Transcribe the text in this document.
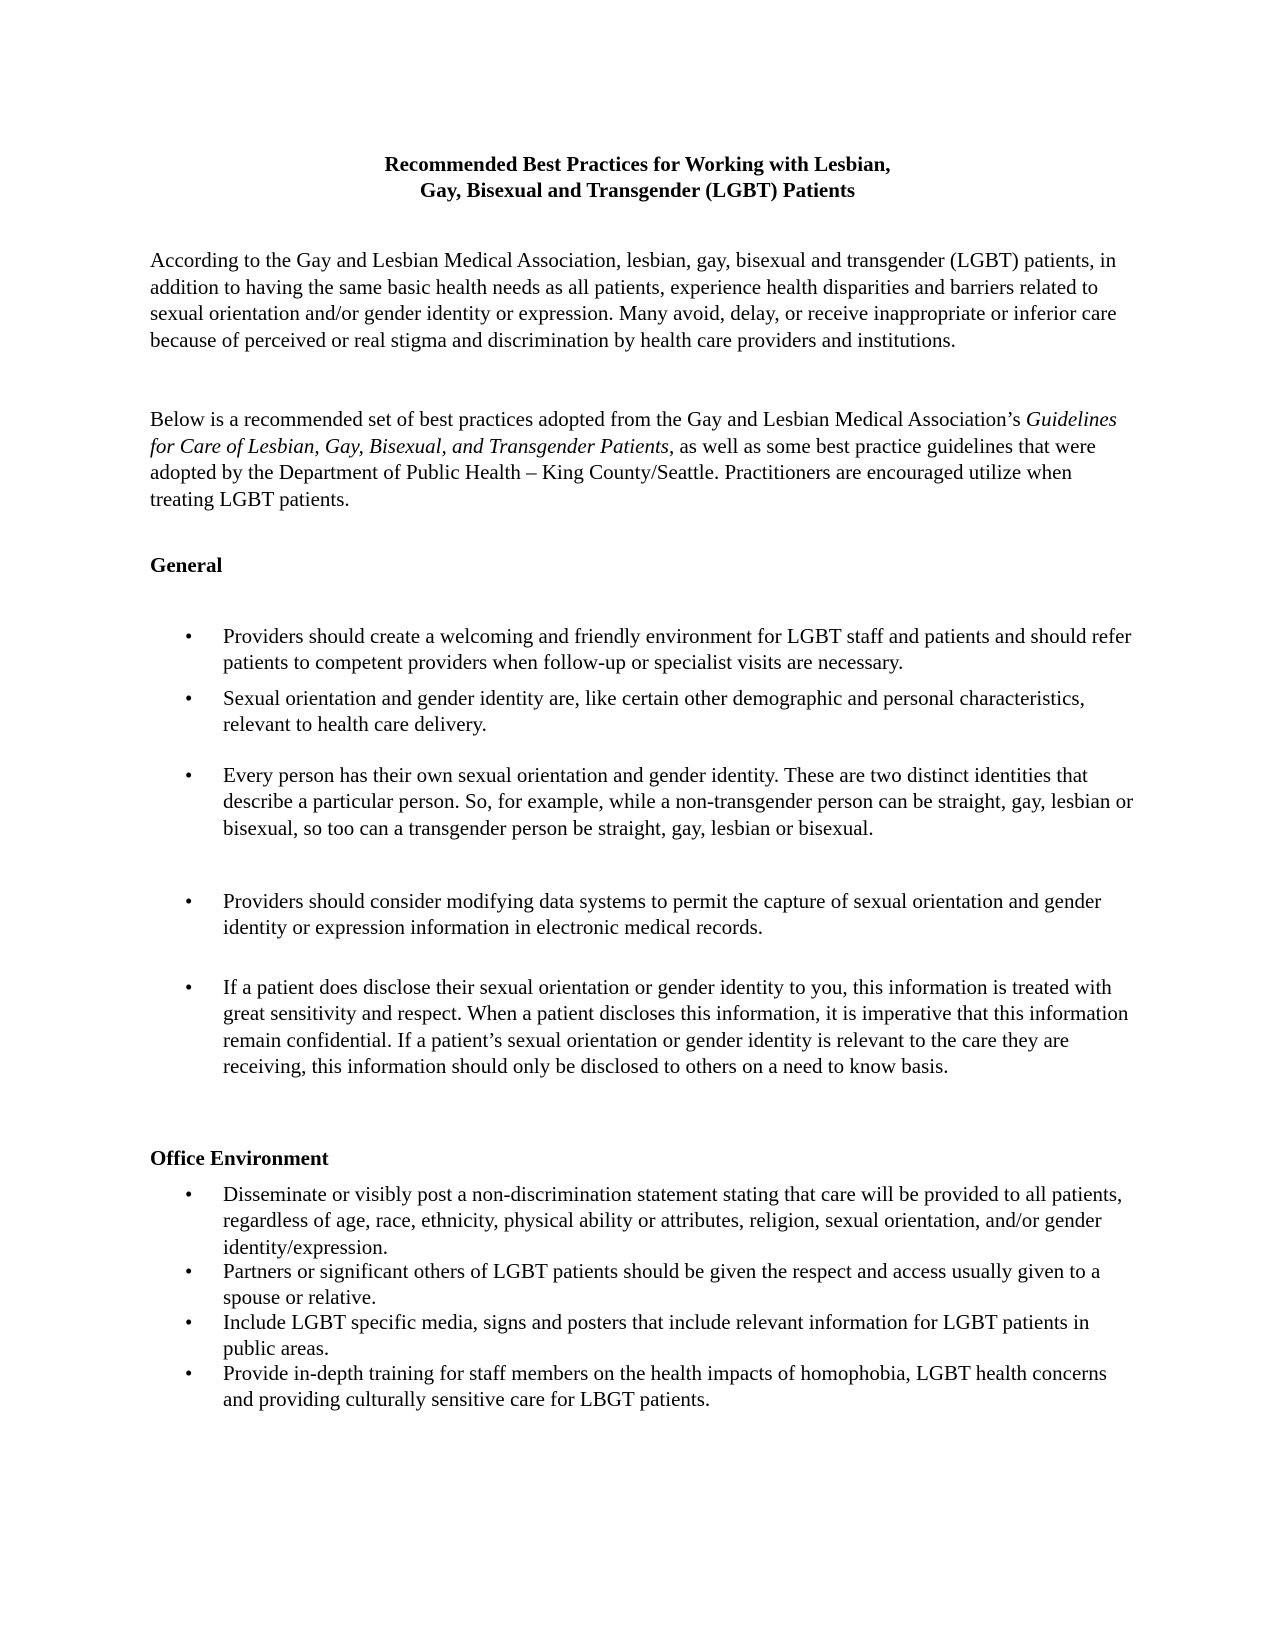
Recommended Best Practices for Working with Lesbian,
Gay, Bisexual and Transgender (LGBT) Patients
According to the Gay and Lesbian Medical Association, lesbian, gay, bisexual and transgender (LGBT) patients, in addition to having the same basic health needs as all patients, experience health disparities and barriers related to sexual orientation and/or gender identity or expression. Many avoid, delay, or receive inappropriate or inferior care because of perceived or real stigma and discrimination by health care providers and institutions.
Below is a recommended set of best practices adopted from the Gay and Lesbian Medical Association’s Guidelines for Care of Lesbian, Gay, Bisexual, and Transgender Patients, as well as some best practice guidelines that were adopted by the Department of Public Health – King County/Seattle. Practitioners are encouraged utilize when treating LGBT patients.
General
• Providers should create a welcoming and friendly environment for LGBT staff and patients and should refer patients to competent providers when follow-up or specialist visits are necessary.
• Sexual orientation and gender identity are, like certain other demographic and personal characteristics, relevant to health care delivery.
• Every person has their own sexual orientation and gender identity. These are two distinct identities that describe a particular person. So, for example, while a non-transgender person can be straight, gay, lesbian or bisexual, so too can a transgender person be straight, gay, lesbian or bisexual.
• Providers should consider modifying data systems to permit the capture of sexual orientation and gender identity or expression information in electronic medical records.
• If a patient does disclose their sexual orientation or gender identity to you, this information is treated with great sensitivity and respect. When a patient discloses this information, it is imperative that this information remain confidential. If a patient’s sexual orientation or gender identity is relevant to the care they are receiving, this information should only be disclosed to others on a need to know basis.
Office Environment
• Disseminate or visibly post a non-discrimination statement stating that care will be provided to all patients, regardless of age, race, ethnicity, physical ability or attributes, religion, sexual orientation, and/or gender identity/expression.
• Partners or significant others of LGBT patients should be given the respect and access usually given to a spouse or relative.
• Include LGBT specific media, signs and posters that include relevant information for LGBT patients in public areas.
• Provide in-depth training for staff members on the health impacts of homophobia, LGBT health concerns and providing culturally sensitive care for LBGT patients.
